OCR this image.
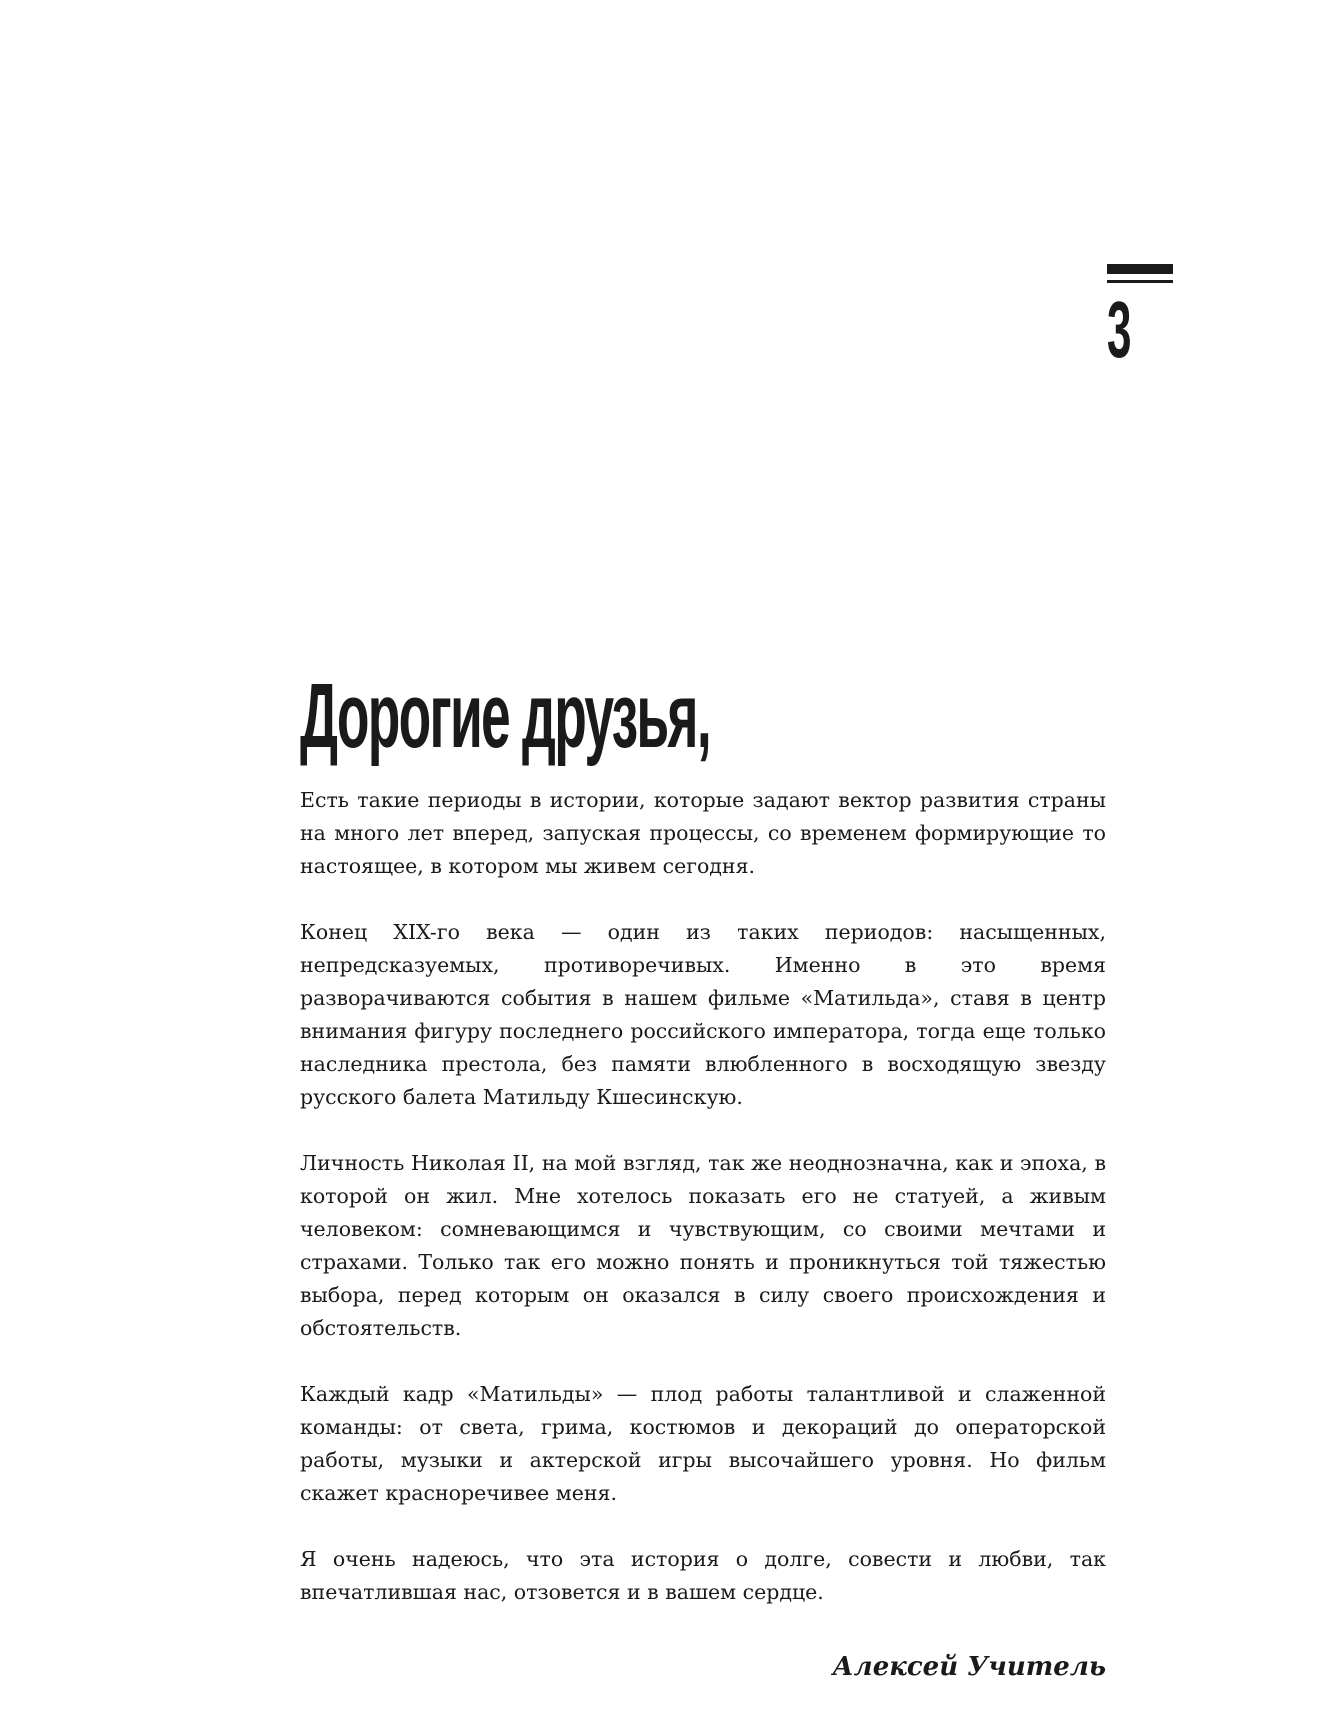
3
Дорогие друзья,

Есть такие периоды в истории, которые задают вектор развития страны на много лет вперед, запуская процессы, со временем формирующие то настоящее, в котором мы живем сегодня.

Конец XIX-го века — один из таких периодов: насыщенных, непредсказуемых, противоречивых. Именно в это время разворачиваются события в нашем фильме «Матильда», ставя в центр внимания фигуру последнего российского императора, тогда еще только наследника престола, без памяти влюбленного в восходящую звезду русского балета Матильду Кшесинскую.

Личность Николая II, на мой взгляд, так же неоднозначна, как и эпоха, в которой он жил. Мне хотелось показать его не статуей, а живым человеком: сомневающимся и чувствующим, со своими мечтами и страхами. Только так его можно понять и проникнуться той тяжестью выбора, перед которым он оказался в силу своего происхождения и обстоятельств.

Каждый кадр «Матильды» — плод работы талантливой и слаженной команды: от света, грима, костюмов и декораций до операторской работы, музыки и актерской игры высочайшего уровня. Но фильм скажет красноречивее меня.

Я очень надеюсь, что эта история о долге, совести и любви, так впечатлившая нас, отзовется и в вашем сердце.

Алексей Учитель
